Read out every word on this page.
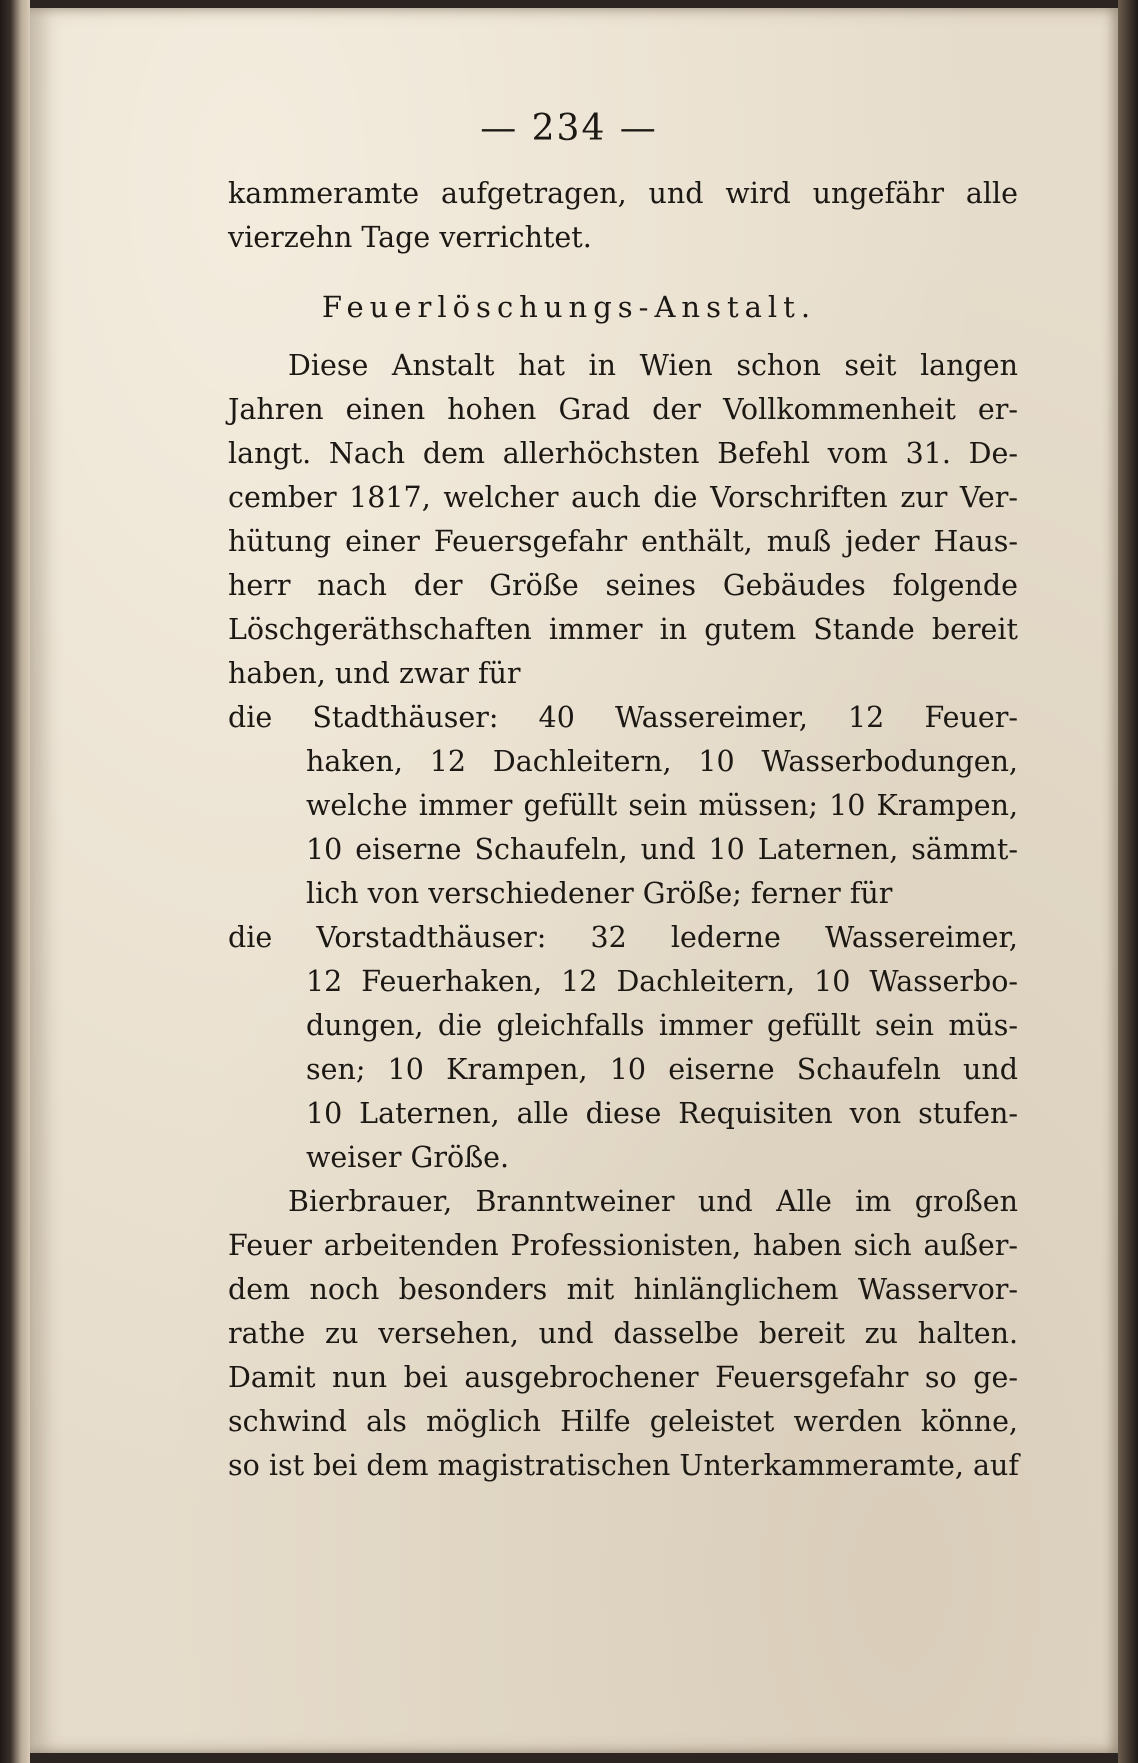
— 234 —
kammeramte aufgetragen, und wird ungefähr alle
vierzehn Tage verrichtet.
Feuerlöschungs-Anstalt.
Diese Anstalt hat in Wien schon seit langen
Jahren einen hohen Grad der Vollkommenheit er-
langt. Nach dem allerhöchsten Befehl vom 31. De-
cember 1817, welcher auch die Vorschriften zur Ver-
hütung einer Feuersgefahr enthält, muß jeder Haus-
herr nach der Größe seines Gebäudes folgende
Löschgeräthschaften immer in gutem Stande bereit
haben, und zwar für
die Stadthäuser: 40 Wassereimer, 12 Feuer-
haken, 12 Dachleitern, 10 Wasserbodungen,
welche immer gefüllt sein müssen; 10 Krampen,
10 eiserne Schaufeln, und 10 Laternen, sämmt-
lich von verschiedener Größe; ferner für
die Vorstadthäuser: 32 lederne Wassereimer,
12 Feuerhaken, 12 Dachleitern, 10 Wasserbo-
dungen, die gleichfalls immer gefüllt sein müs-
sen; 10 Krampen, 10 eiserne Schaufeln und
10 Laternen, alle diese Requisiten von stufen-
weiser Größe.
Bierbrauer, Branntweiner und Alle im großen
Feuer arbeitenden Professionisten, haben sich außer-
dem noch besonders mit hinlänglichem Wasservor-
rathe zu versehen, und dasselbe bereit zu halten.
Damit nun bei ausgebrochener Feuersgefahr so ge-
schwind als möglich Hilfe geleistet werden könne,
so ist bei dem magistratischen Unterkammeramte, auf
